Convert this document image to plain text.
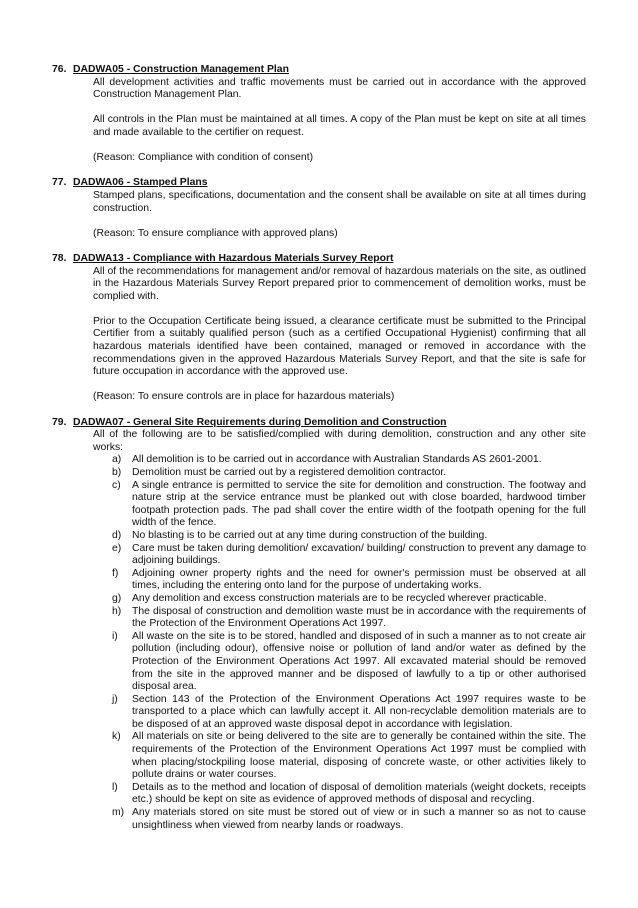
76. DADWA05 - Construction Management Plan

All development activities and traffic movements must be carried out in accordance with the approved Construction Management Plan.

All controls in the Plan must be maintained at all times. A copy of the Plan must be kept on site at all times and made available to the certifier on request.

(Reason: Compliance with condition of consent)

77. DADWA06 - Stamped Plans

Stamped plans, specifications, documentation and the consent shall be available on site at all times during construction.

(Reason: To ensure compliance with approved plans)

78. DADWA13 - Compliance with Hazardous Materials Survey Report

All of the recommendations for management and/or removal of hazardous materials on the site, as outlined in the Hazardous Materials Survey Report prepared prior to commencement of demolition works, must be complied with.

Prior to the Occupation Certificate being issued, a clearance certificate must be submitted to the Principal Certifier from a suitably qualified person (such as a certified Occupational Hygienist) confirming that all hazardous materials identified have been contained, managed or removed in accordance with the recommendations given in the approved Hazardous Materials Survey Report, and that the site is safe for future occupation in accordance with the approved use.

(Reason: To ensure controls are in place for hazardous materials)

79. DADWA07 - General Site Requirements during Demolition and Construction

All of the following are to be satisfied/complied with during demolition, construction and any other site works:

a) All demolition is to be carried out in accordance with Australian Standards AS 2601-2001.
b) Demolition must be carried out by a registered demolition contractor.
c) A single entrance is permitted to service the site for demolition and construction. The footway and nature strip at the service entrance must be planked out with close boarded, hardwood timber footpath protection pads. The pad shall cover the entire width of the footpath opening for the full width of the fence.
d) No blasting is to be carried out at any time during construction of the building.
e) Care must be taken during demolition/ excavation/ building/ construction to prevent any damage to adjoining buildings.
f) Adjoining owner property rights and the need for owner's permission must be observed at all times, including the entering onto land for the purpose of undertaking works.
g) Any demolition and excess construction materials are to be recycled wherever practicable.
h) The disposal of construction and demolition waste must be in accordance with the requirements of the Protection of the Environment Operations Act 1997.
i) All waste on the site is to be stored, handled and disposed of in such a manner as to not create air pollution (including odour), offensive noise or pollution of land and/or water as defined by the Protection of the Environment Operations Act 1997. All excavated material should be removed from the site in the approved manner and be disposed of lawfully to a tip or other authorised disposal area.
j) Section 143 of the Protection of the Environment Operations Act 1997 requires waste to be transported to a place which can lawfully accept it. All non-recyclable demolition materials are to be disposed of at an approved waste disposal depot in accordance with legislation.
k) All materials on site or being delivered to the site are to generally be contained within the site. The requirements of the Protection of the Environment Operations Act 1997 must be complied with when placing/stockpiling loose material, disposing of concrete waste, or other activities likely to pollute drains or water courses.
l) Details as to the method and location of disposal of demolition materials (weight dockets, receipts etc.) should be kept on site as evidence of approved methods of disposal and recycling.
m) Any materials stored on site must be stored out of view or in such a manner so as not to cause unsightliness when viewed from nearby lands or roadways.
